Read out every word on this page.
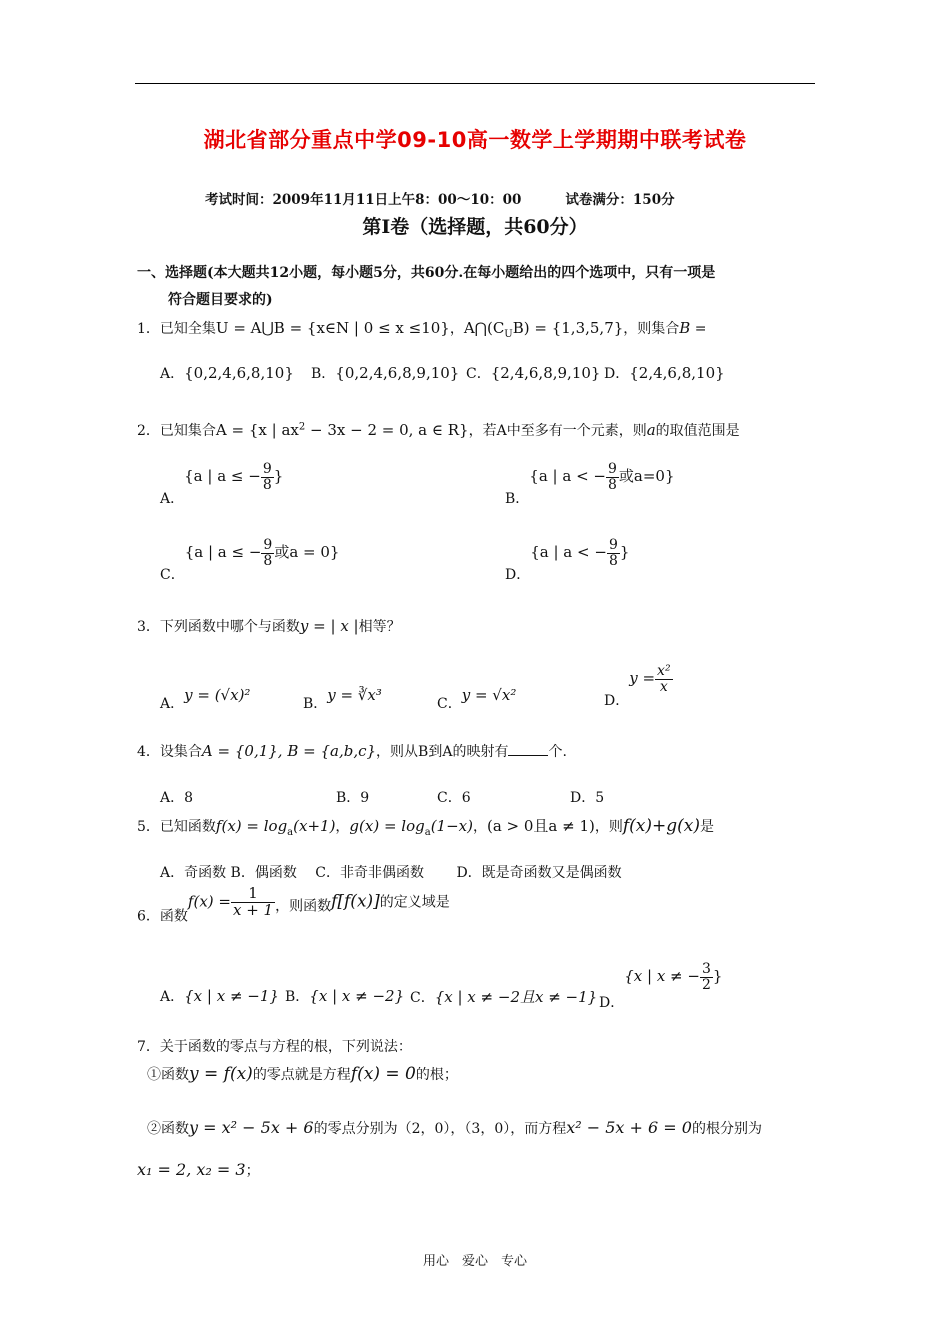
湖北省部分重点中学09-10高一数学上学期期中联考试卷
考试时间：2009年11月11日上午8：00～10：00	试卷满分：150分
第Ⅰ卷（选择题，共60分）
一、选择题(本大题共12小题，每小题5分，共60分.在每小题给出的四个选项中，只有一项是
符合题目要求的)
1．已知全集U = A⋃B = {x∈N | 0 ≤ x ≤10}，$A⋂(C_UB) = \{1,3,5,7\}$，则集合B =
A．{0,2,4,6,8,10} B．{0,2,4,6,8,9,10} C．{2,4,6,8,9,10} D．{2,4,6,8,10}
2．已知集合A = {x | $ax^2 - 3x - 2 = 0$, a ∈ R}，若A中至多有一个元素，则a的取值范围是
A．{a | a ≤ − $\frac{9}{8}$ }
B．{a | a < − $\frac{9}{8}$ 或a=0}
C．{a | a ≤ − $\frac{9}{8}$ 或a = 0}
D．{a | a < − $\frac{9}{8}$ }
3．下列函数中哪个与函数y = | x |相等？
A．y = (√x)²	B．y = ∛x³	C．y = √x²	D．$y = \frac{\text{x²}}{x}$
4．设集合A = {0,1}, B = {a,b,c}，则从B到A的映射有	个.
A．8	B．9	C．6	D．5
5．已知函数$f(x) = \log_a(x+1)$，$g(x) = \log_a(1-x)$，(a > 0且a ≠ 1)，则f(x)+g(x)是
A．奇函数 B．偶函数　 C．非奇非偶函数　　 D．既是奇函数又是偶函数
6．函数$f(x) = \frac{1}{x + 1}$ ，则函数f[f(x)]的定义域是
A．{x | x ≠ −1} B．{x | x ≠ −2} C．{x | x ≠ −2且x ≠ −1} D．{x | x ≠ − $\frac{3}{2}$ }
7．关于函数的零点与方程的根，下列说法：
①函数y = f(x)的零点就是方程f(x) = 0的根；
②函数y = x² − 5x + 6的零点分别为（2，0），（3，0），而方程x² − 5x + 6 = 0的根分别为
x₁ = 2, x₂ = 3；
用心　爱心　专心
